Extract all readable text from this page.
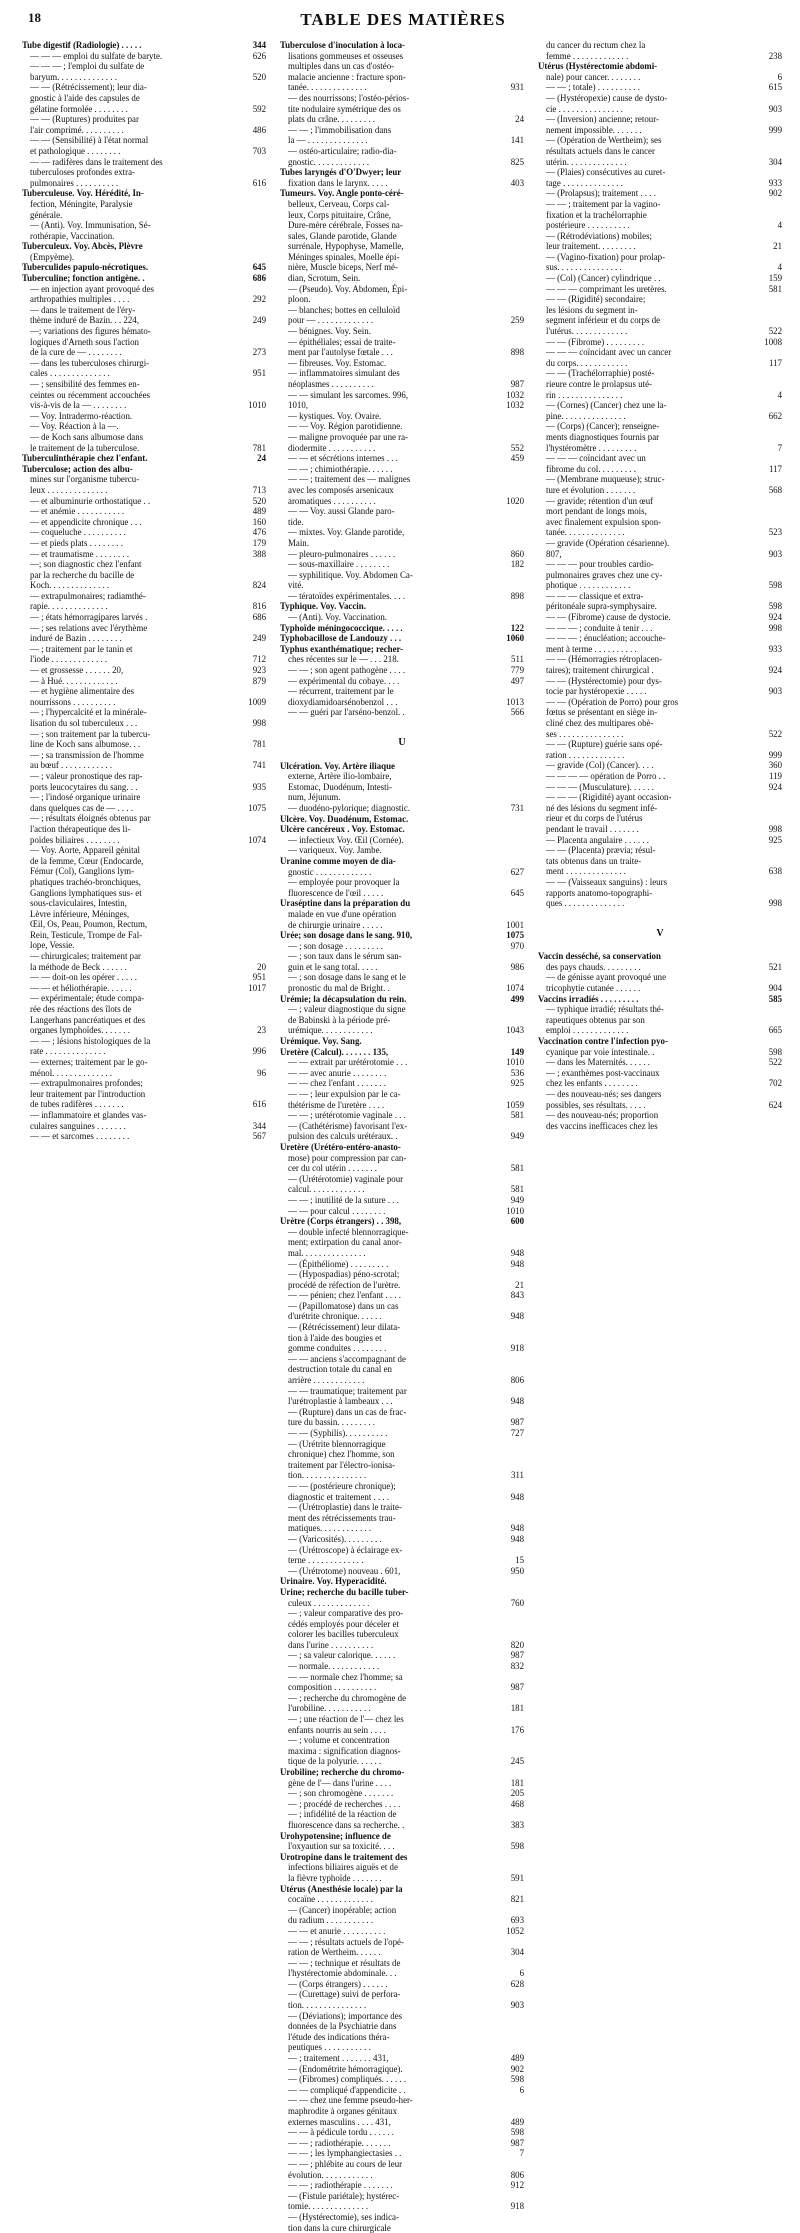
18	TABLE DES MATIÈRES
Tube digestif (Radiologie) . . . . .	344
— — — emploi du sulfate de baryte.	626
— — — ; l'emploi du sulfate de
baryum. . . . . . . . . . . . . .	520
— — (Rétrécissement); leur dia-
gnostic à l'aide des capsules de
gélatine formolée . . . . . . . .	592
— — (Ruptures) produites par
l'air comprimé. . . . . . . . . .	486
— — (Sensibilité) à l'état normal
et pathologique . . . . . . . .	703
— — radifères dans le traitement des
tuberculoses profondes extra-
pulmonaires . . . . . . . . . .	616
Tuberculeuse. Voy. Hérédité, In-
fection, Méningite, Paralysie
générale.
— (Anti). Voy. Immunisation, Sé-
rothérapie, Vaccination.
Tuberculeux. Voy. Abcès, Plèvre
(Empyème).
Tuberculides papulo-nécrotiques.	645
Tuberculine; fonction antigène. .	686
— en injection ayant provoqué des
arthropathies multiples . . . .	292
— dans le traitement de l'éry-
thème induré de Bazin. . . 224,	249
—; variations des figures hémato-
logiques d'Arneth sous l'action
de la cure de — . . . . . . . .	273
— dans les tuberculoses chirurgi-
cales . . . . . . . . . . . . . .	951
— ; sensibilité des femmes en-
ceintes ou récemment accouchées
vis-à-vis de la — . . . . . . . .	1010
— Voy. Intradermo-réaction.
— Voy. Réaction à la —.
— de Koch sans albumose dans
le traitement de la tuberculose.	781
Tuberculinthérapie chez l'enfant.	24
Tuberculose; action des albu-
mines sur l'organisme tubercu-
leux . . . . . . . . . . . . . .	713
— et albuminurie orthostatique . .	520
— et anémie . . . . . . . . . . .	489
— et appendicite chronique . . .	160
— coqueluche . . . . . . . . . .	476
— et pieds plats . . . . . . . .	179
— et traumatisme . . . . . . . .	388
—; son diagnostic chez l'enfant
par la recherche du bacille de
Koch. . . . . . . . . . . . . .	824
— extrapulmonaires; radiamthé-
rapie. . . . . . . . . . . . . .	816
— ; états hémorragipares larvés .	686
— ; ses relations avec l'érythème
induré de Bazin . . . . . . . .	249
— ; traitement par le tanin et
l'iode . . . . . . . . . . . . .	712
— et grossesse . . . . . . 20,	923
— à Hué. . . . . . . . . . . . .	879
— et hygiène alimentaire des
nourrissons . . . . . . . . . .	1009
— ; l'hypercalcité et la minérale-
lisation du sol tuberculeux . . .	998
— ; son traitement par la tubercu-
line de Koch sans albumose. . .	781
— ; sa transmission de l'homme
au bœuf . . . . . . . . . . . .	741
— ; valeur pronostique des rap-
ports leucocytaires du sang. . .	935
— ; l'indosé organique urinaire
dans quelques cas de — . . . .	1075
— ; résultats éloignés obtenus par
l'action thérapeutique des li-
poïdes biliaires . . . . . . . .	1074
— Voy. Aorte, Appareil génital
de la femme, Cœur (Endocarde,
Fémur (Col), Ganglions lym-
phatiques trachéo-bronchiques,
Ganglions lymphatiques sus- et
sous-claviculaires, Intestin,
Lèvre inférieure, Méninges,
Œil, Os, Peau, Poumon, Rectum,
Rein, Testicule, Trompe de Fal-
lope, Vessie.
— chirurgicales; traitement par
la méthode de Beck . . . . . .	20
— — doit-on les opérer . . . . .	951
— — et héliothérapie. . . . . .	1017
— expérimentale; étude compa-
rée des réactions des îlots de
Langerhans pancréatiques et des
organes lymphoïdes. . . . . . .	23
— — ; lésions histologiques de la
rate . . . . . . . . . . . . . .	996
— externes; traitement par le go-
ménol. . . . . . . . . . . . . .	96
— extrapulmonaires profondes;
leur traitement par l'introduction
de tubes radifères . . . . . . .	616
— inflammatoire et glandes vas-
culaires sanguines . . . . . . .	344
— — et sarcomes . . . . . . . .	567
Tuberculose d'inoculation à loca-
lisations gommeuses et osseuses
multiples dans un cas d'ostéo-
malacie ancienne : fracture spon-
tanée. . . . . . . . . . . . . .	931
— des nourrissons; l'ostéo-périos-
tite nodulaire symétrique des os
plats du crâne. . . . . . . . .	24
— — ; l'immobilisation dans
la — . . . . . . . . . . . . . .	141
— ostéo-articulaire; radio-dia-
gnostic. . . . . . . . . . . . .	825
Tubes laryngés d'O'Dwyer; leur
fixation dans le larynx. . . . .	403
Tumeurs. Voy. Angle ponto-céré-
belleux, Cerveau, Corps cal-
leux, Corps pituitaire, Crâne,
Dure-mère cérébrale, Fosses na-
sales, Glande parotide, Glande
surrénale, Hypophyse, Mamelle,
Méninges spinales, Moelle épi-
nière, Muscle biceps, Nerf mé-
dian, Scrotum, Sein.
— (Pseudo). Voy. Abdomen, Épi-
ploon.
— blanches; bottes en celluloïd
pour — . . . . . . . . . . . . .	259
— bénignes. Voy. Sein.
— épithéliales; essai de traite-
ment par l'autolyse fœtale . . .	898
— fibreuses. Voy. Estomac.
— inflammatoires simulant des
néoplasmes . . . . . . . . . .	987
— — simulant les sarcomes. 996,	1032
1010,	1032
— kystiques. Voy. Ovaire.
— — Voy. Région parotidienne.
— maligne provoquée par une ra-
diodermite . . . . . . . . . . .	552
— — et sécrétions internes . . .	459
— — ; chimiothérapie. . . . . .
— — ; traitement des — malignes
avec les composés arsenicaux
aromatiques . . . . . . . . . .	1020
— — Voy. aussi Glande paro-
tide.
— mixtes. Voy. Glande parotide,
Main.
— pleuro-pulmonaires . . . . . .	860
— sous-maxillaire . . . . . . . .	182
— syphilitique. Voy. Abdomen Ca-
vité.
— tératoïdes expérimentales. . . .	898
Typhique. Voy. Vaccin.
— (Anti). Voy. Vaccination.
Typhoïde méningococcique. . . . .	122
Typhobacillose de Landouzy . . .	1060
Typhus exanthématique; recher-
ches récentes sur le — . . . 218.	511
— — ; son agent pathogène . . . .	779
— expérimental du cobaye. . . .	497
— récurrent, traitement par le
dioxydiamidoarsénobenzol . . .	1013
— — guéri par l'arséno-benzol. .	566
U
Ulcération. Voy. Artère iliaque
externe, Artère ilio-lombaire,
Estomac, Duodénum, Intesti-
num, Jéjunum.
— duodéno-pylorique; diagnostic.	731
Ulcère. Voy. Duodénum, Estomac.
Ulcère cancéreux . Voy. Estomac.
— infectieux Voy. Œil (Cornée).
— variqueux. Voy. Jambe.
Uranine comme moyen de dia-
gnostic . . . . . . . . . . . . .	627
— employée pour provoquer la
fluorescence de l'œil . . . . .	645
Uraséptine dans la préparation du
malade en vue d'une opération
de chirurgie urinaire . . . . .	1001
Urée; son dosage dans le sang. 910,	1075
— ; son dosage . . . . . . . . .	970
— ; son taux dans le sérum san-
guin et le sang total. . . . .	986
— ; son dosage dans le sang et le
pronostic du mal de Bright. .	1074
Urémie; la décapsulation du rein.	499
— ; valeur diagnostique du signe
de Babinski à la période pré-
urémique. . . . . . . . . . . .	1043
Urémique. Voy. Sang.
Uretère (Calcul). . . . . . . 135,	149
— — extrait par urétérotomie . . .	1010
— — avec anurie . . . . . . . .	536
— — chez l'enfant . . . . . . .	925
— — ; leur expulsion par le ca-
thétérisme de l'uretère . . . .	1059
— — ; urétérotomie vaginale . . .	581
— (Cathétérisme) favorisant l'ex-
pulsion des calculs urétéraux. .	949
Uretère (Urétéro-entéro-anasto-
mose) pour compression par can-
cer du col utérin . . . . . . .	581
— (Urétérotomie) vaginale pour
calcul. . . . . . . . . . . . .	581
— — ; inutilité de la suture . . .	949
— — pour calcul . . . . . . . .	1010
Urètre (Corps étrangers) . . 398,	600
— double infecté blennorragique-
ment; extirpation du canal anor-
mal. . . . . . . . . . . . . . .	948
— (Épithéliome) . . . . . . . . .	948
— (Hypospadias) péno-scrotal;
procédé de réfection de l'urètre.	21
— — pénien; chez l'enfant . . . .	843
— (Papillomatose) dans un cas
d'urétrite chronique. . . . . .	948
— (Rétrécissement) leur dilata-
tion à l'aide des bougies et
gomme conduites . . . . . . . .	918
— — anciens s'accompagnant de
destruction totale du canal en
arrière . . . . . . . . . . . .	806
— — traumatique; traitement par
l'urétroplastie à lambeaux . . .	948
— (Rupture) dans un cas de frac-
ture du bassin. . . . . . . . .	987
— — (Syphilis). . . . . . . . . .	727
— (Urétrite blennorragique
chronique) chez l'homme, son
traitement par l'électro-ionisa-
tion. . . . . . . . . . . . . . .	311
— — (postérieure chronique);
diagnostic et traitement . . . .	948
— (Urétroplastie) dans le traite-
ment des rétrécissements trau-
matiques. . . . . . . . . . . .	948
— (Varicosités). . . . . . . . .	948
— (Urétroscope) à éclairage ex-
terne . . . . . . . . . . . . .	15
— (Urétrotome) nouveau . 601,	950
Urinaire. Voy. Hyperacidité.
Urine; recherche du bacille tuber-
culeux . . . . . . . . . . . . .	760
— ; valeur comparative des pro-
cédés employés pour déceler et
colorer les bacilles tuberculeux
dans l'urine . . . . . . . . . .	820
— ; sa valeur calorique. . . . . .	987
— normale. . . . . . . . . . . .	832
— — normale chez l'homme; sa
composition . . . . . . . . . .	987
— ; recherche du chromogène de
l'urobiline. . . . . . . . . . .	181
— ; une réaction de l'— chez les
enfants nourris au sein . . . .	176
— ; volume et concentration
maxima : signification diagnos-
tique de la polyurie. . . . . .	245
Urobiline; recherche du chromo-
gène de l'— dans l'urine . . . .	181
— ; son chromogène . . . . . . .	205
— ; procédé de recherches . . . .	468
— ; infidélité de la réaction de
fluorescence dans sa recherche. .	383
Urohypotensine; influence de
l'oxyaution sur sa toxicité. . . .	598
Urotropine dans le traitement des
infections biliaires aiguës et de
la fièvre typhoïde . . . . . . .	591
Utérus (Anesthésie locale) par la
cocaïne . . . . . . . . . . . . .	821
— (Cancer) inopérable; action
du radium . . . . . . . . . . .	693
— — et anurie . . . . . . . . . .	1052
— — ; résultats actuels de l'opé-
ration de Wertheim. . . . . .	304
— — ; technique et résultats de
l'hystérectomie abdominale. . .	6
— (Corps étrangers) . . . . . .	628
— (Curettage) suivi de perfora-
tion. . . . . . . . . . . . . . .	903
— (Déviations); importance des
données de la Psychiatrie dans
l'étude des indications théra-
peutiques . . . . . . . . . . .
— ; traitement . . . . . . . 431,	489
— (Endométrite hémorragique).	902
— (Fibromes) compliqués. . . . . .	598
— — compliqué d'appendicite . .	6
— — chez une femme pseudo-her-
maphrodite à organes génitaux
externes masculins . . . . 431,	489
— — à pédicule tordu . . . . . .	598
— — ; radiothérapie. . . . . . .	987
— — ; les lymphangiectasies . .	7
— — ; phlébite au cours de leur
évolution. . . . . . . . . . . .	806
— — ; radiothérapie . . . . . . .	912
— (Fistule pariétale); hystérec-
tomie. . . . . . . . . . . . . .	918
— (Hystérectomie), ses indica-
tion dans la cure chirurgicale
du cancer du rectum chez la
femme . . . . . . . . . . . . .	238
Utérus (Hystérectomie abdomi-
nale) pour cancer. . . . . . . .	6
— — ; totale) . . . . . . . . . .	615
— (Hystéropexie) cause de dysto-
cie . . . . . . . . . . . . . . .	903
— (Inversion) ancienne; retour-
nement impossible. . . . . . .	999
— (Opération de Wertheim); ses
résultats actuels dans le cancer
utérin. . . . . . . . . . . . . .	304
— (Plaies) consécutives au curet-
tage . . . . . . . . . . . . . .	933
— (Prolapsus); traitement . . . .	902
— — ; traitement par la vagino-
fixation et la trachélorraphie
postérieure . . . . . . . . . .	4
— (Rétrodéviations) mobiles;
leur traitement. . . . . . . . .	21
— (Vagino-fixation) pour prolap-
sus. . . . . . . . . . . . . . .	4
— (Col) (Cancer) cylindrique . .	159
— — — comprimant les uretères.	581
— — (Rigidité) secondaire;
les lésions du segment in-
segment inférieur et du corps de
l'utérus. . . . . . . . . . . . .	522
— — (Fibrome) . . . . . . . . .	1008
— — — coïncidant avec un cancer
du corps. . . . . . . . . . . .	117
— — (Trachélorraphie) posté-
rieure contre le prolapsus uté-
rin . . . . . . . . . . . . . . .	4
— (Cornes) (Cancer) chez une la-
pine. . . . . . . . . . . . . . .	662
— (Corps) (Cancer); renseigne-
ments diagnostiques fournis par
l'hystéromètre . . . . . . . . .	7
— — — coïncidant avec un
fibrome du col. . . . . . . . .	117
— (Membrane muqueuse); struc-
ture et évolution . . . . . . .	568
— gravide; rétention d'un œuf
mort pendant de longs mois,
avec finalement expulsion spon-
tanée. . . . . . . . . . . . . .	523
— gravide (Opération césarienne).
807,	903
— — — pour troubles cardio-
pulmonaires graves chez une cy-
photique . . . . . . . . . . . .	598
— — — classique et extra-
péritonéale supra-symphysaire.	598
— — (Fibrome) cause de dystocie.	924
— — — ; conduite à tenir . . .	998
— — — ; énucléation; accouche-
ment à terme . . . . . . . . . .	933
— — (Hémorragies rétroplacen-
taires); traitement chirurgical .	924
— — (Hystérectomie) pour dys-
tocie par hystéropexie . . . . .	903
— — (Opération de Porro) pour gros
fœtus se présentant en siège in-
cliné chez des multipares obè-
ses . . . . . . . . . . . . . . .	522
— — (Rupture) guérie sans opé-
ration . . . . . . . . . . . . .	999
— gravide (Col) (Cancer). . . .	360
— — — — opération de Porro . .	119
— — — (Musculature). . . . . .	924
— — — (Rigidité) ayant occasion-
né des lésions du segment infé-
rieur et du corps de l'utérus
pendant le travail . . . . . . .	998
— Placenta angulaire . . . . . .	925
— — (Placenta) prævia; résul-
tats obtenus dans un traite-
ment . . . . . . . . . . . . . .	638
— — (Vaisseaux sanguins) : leurs
rapports anatomo-topographi-
ques . . . . . . . . . . . . . .	998
V
Vaccin desséché, sa conservation
des pays chauds. . . . . . . . .	521
— de génisse ayant provoqué une
tricophytie cutanée . . . . . .	904
Vaccins irradiés . . . . . . . . .	585
— typhique irradié; résultats thé-
rapeutiques obtenus par son
emploi . . . . . . . . . . . . .	665
Vaccination contre l'infection pyo-
cyanique par voie intestinale. .	598
— dans les Maternités. . . . . .	522
— ; exanthèmes post-vaccinaux
chez les enfants . . . . . . . .	702
— des nouveau-nés; ses dangers
possibles, ses résultats. . . . .	624
— des nouveau-nés; proportion
des vaccins inefficaces chez les
